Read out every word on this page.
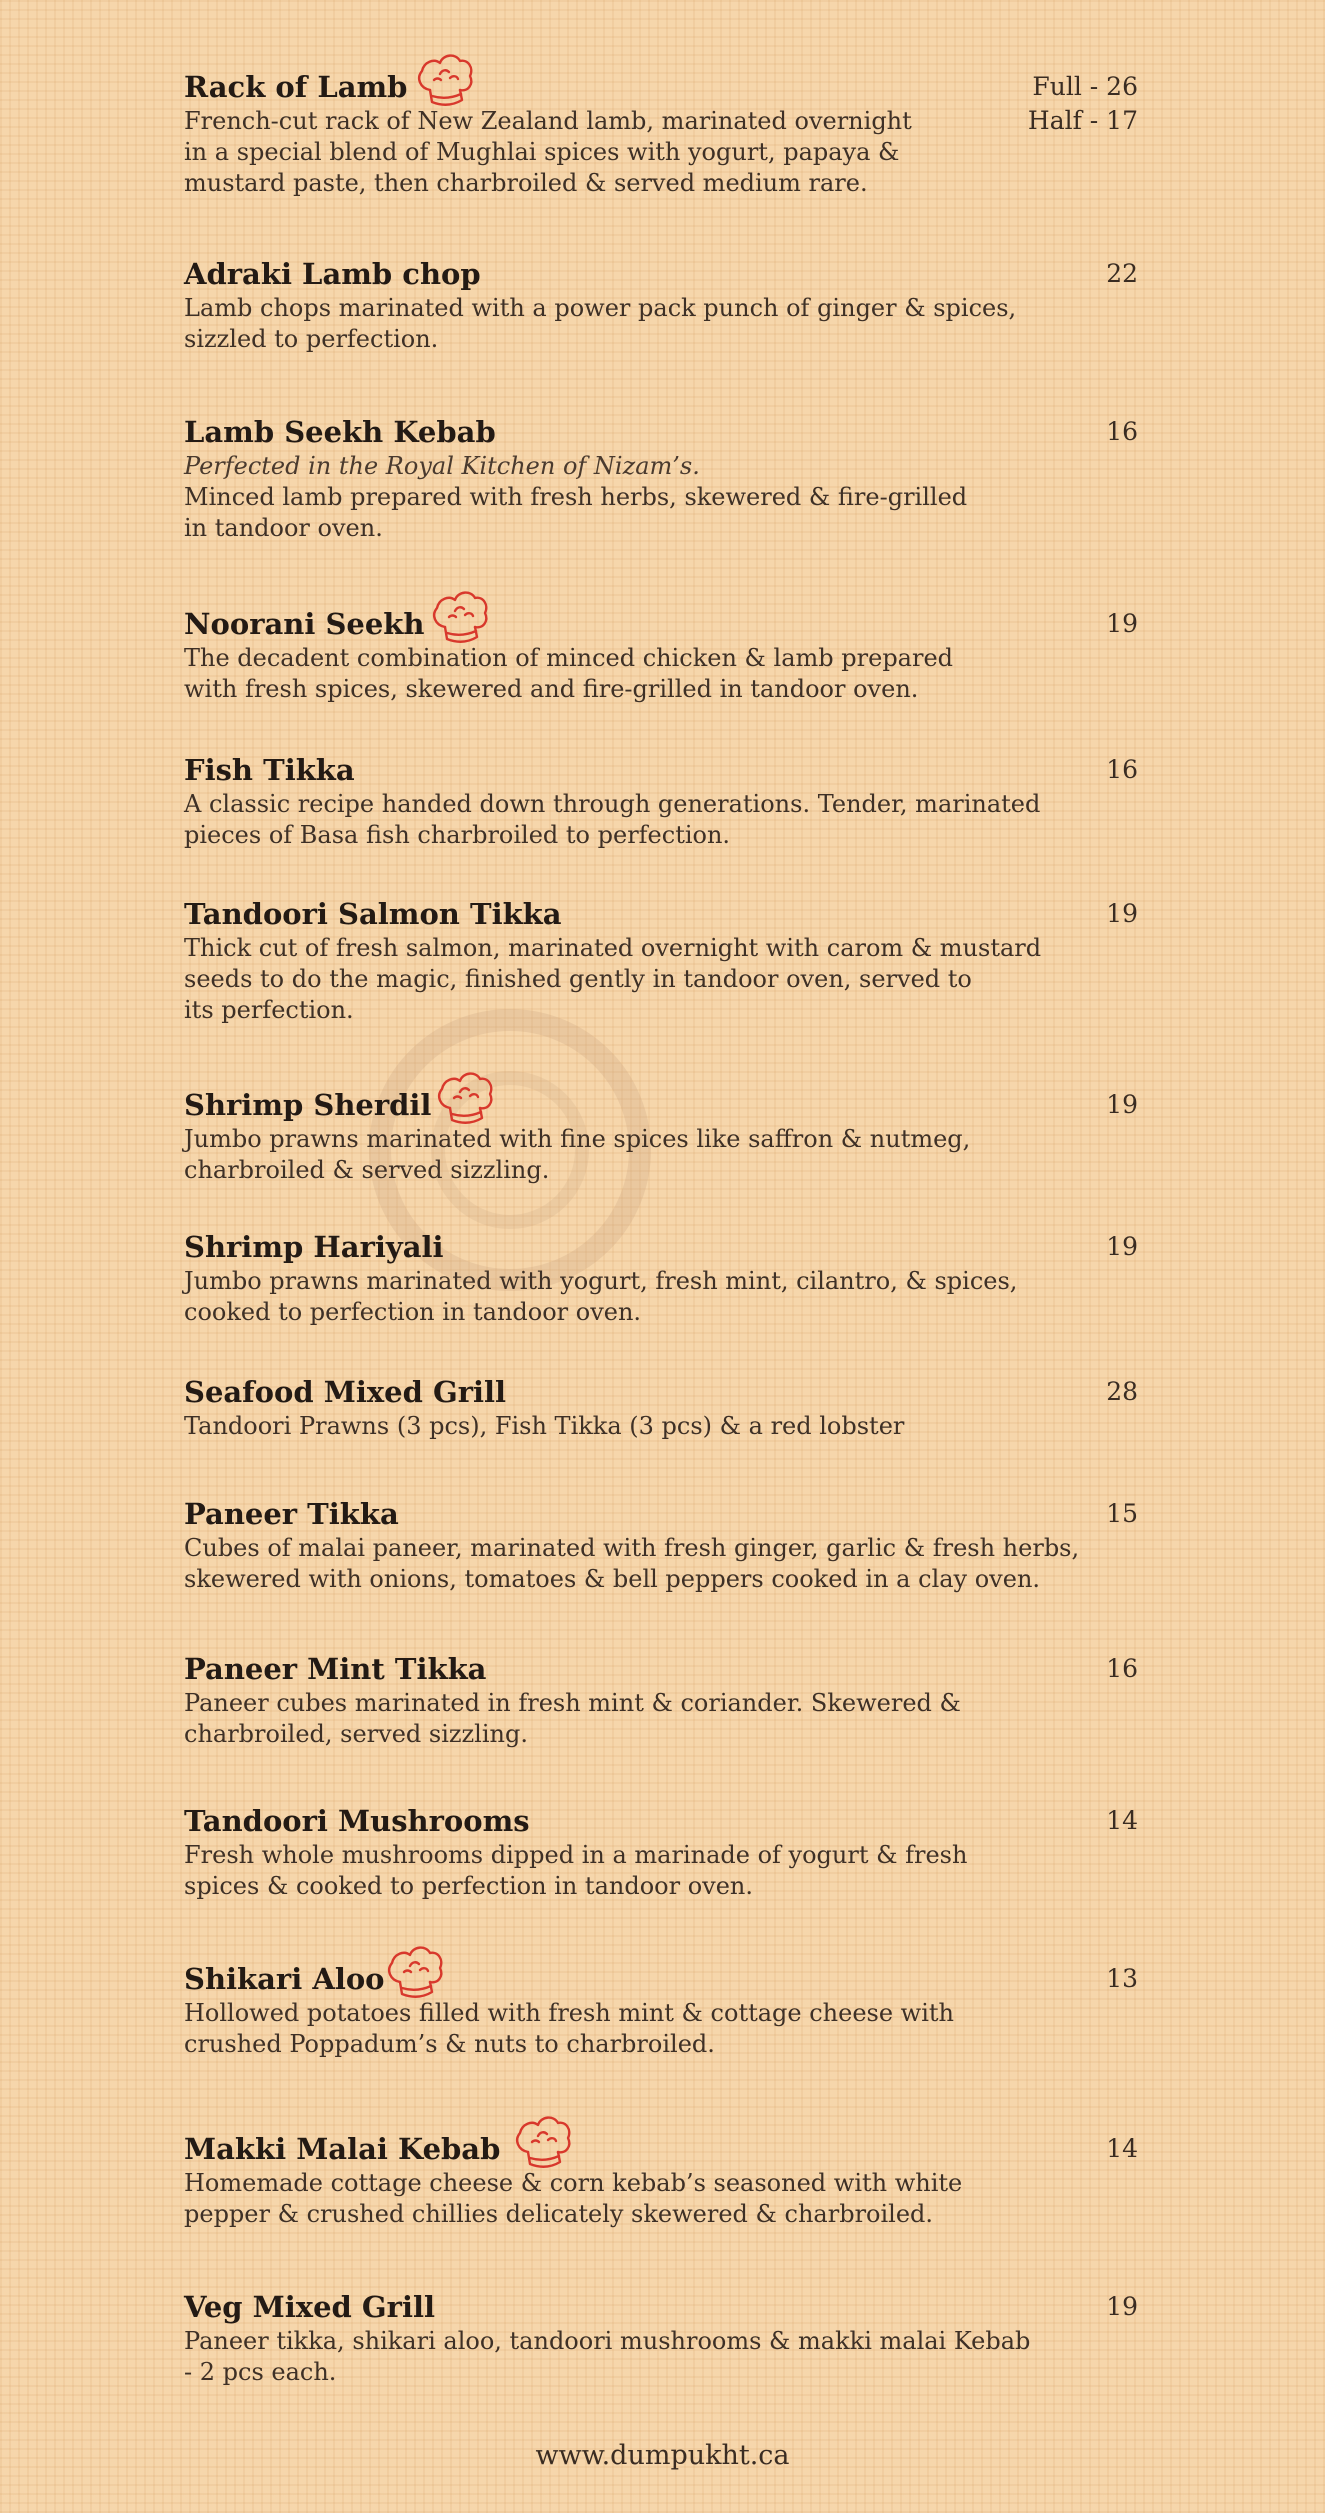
Rack of Lamb	Full - 26
Half - 17
French-cut rack of New Zealand lamb, marinated overnight
in a special blend of Mughlai spices with yogurt, papaya &
mustard paste, then charbroiled & served medium rare.
Adraki Lamb chop	22
Lamb chops marinated with a power pack punch of ginger & spices,
sizzled to perfection.
Lamb Seekh Kebab	16
Perfected in the Royal Kitchen of Nizam’s.
Minced lamb prepared with fresh herbs, skewered & fire-grilled
in tandoor oven.
Noorani Seekh	19
The decadent combination of minced chicken & lamb prepared
with fresh spices, skewered and fire-grilled in tandoor oven.
Fish Tikka	16
A classic recipe handed down through generations. Tender, marinated
pieces of Basa fish charbroiled to perfection.
Tandoori Salmon Tikka	19
Thick cut of fresh salmon, marinated overnight with carom & mustard
seeds to do the magic, finished gently in tandoor oven, served to
its perfection.
Shrimp Sherdil	19
Jumbo prawns marinated with fine spices like saffron & nutmeg,
charbroiled & served sizzling.
Shrimp Hariyali	19
Jumbo prawns marinated with yogurt, fresh mint, cilantro, & spices,
cooked to perfection in tandoor oven.
Seafood Mixed Grill	28
Tandoori Prawns (3 pcs), Fish Tikka (3 pcs) & a red lobster
Paneer Tikka	15
Cubes of malai paneer, marinated with fresh ginger, garlic & fresh herbs,
skewered with onions, tomatoes & bell peppers cooked in a clay oven.
Paneer Mint Tikka	16
Paneer cubes marinated in fresh mint & coriander. Skewered &
charbroiled, served sizzling.
Tandoori Mushrooms	14
Fresh whole mushrooms dipped in a marinade of yogurt & fresh
spices & cooked to perfection in tandoor oven.
Shikari Aloo	13
Hollowed potatoes filled with fresh mint & cottage cheese with
crushed Poppadum’s & nuts to charbroiled.
Makki Malai Kebab	14
Homemade cottage cheese & corn kebab’s seasoned with white
pepper & crushed chillies delicately skewered & charbroiled.
Veg Mixed Grill	19
Paneer tikka, shikari aloo, tandoori mushrooms & makki malai Kebab
- 2 pcs each.
www.dumpukht.ca
